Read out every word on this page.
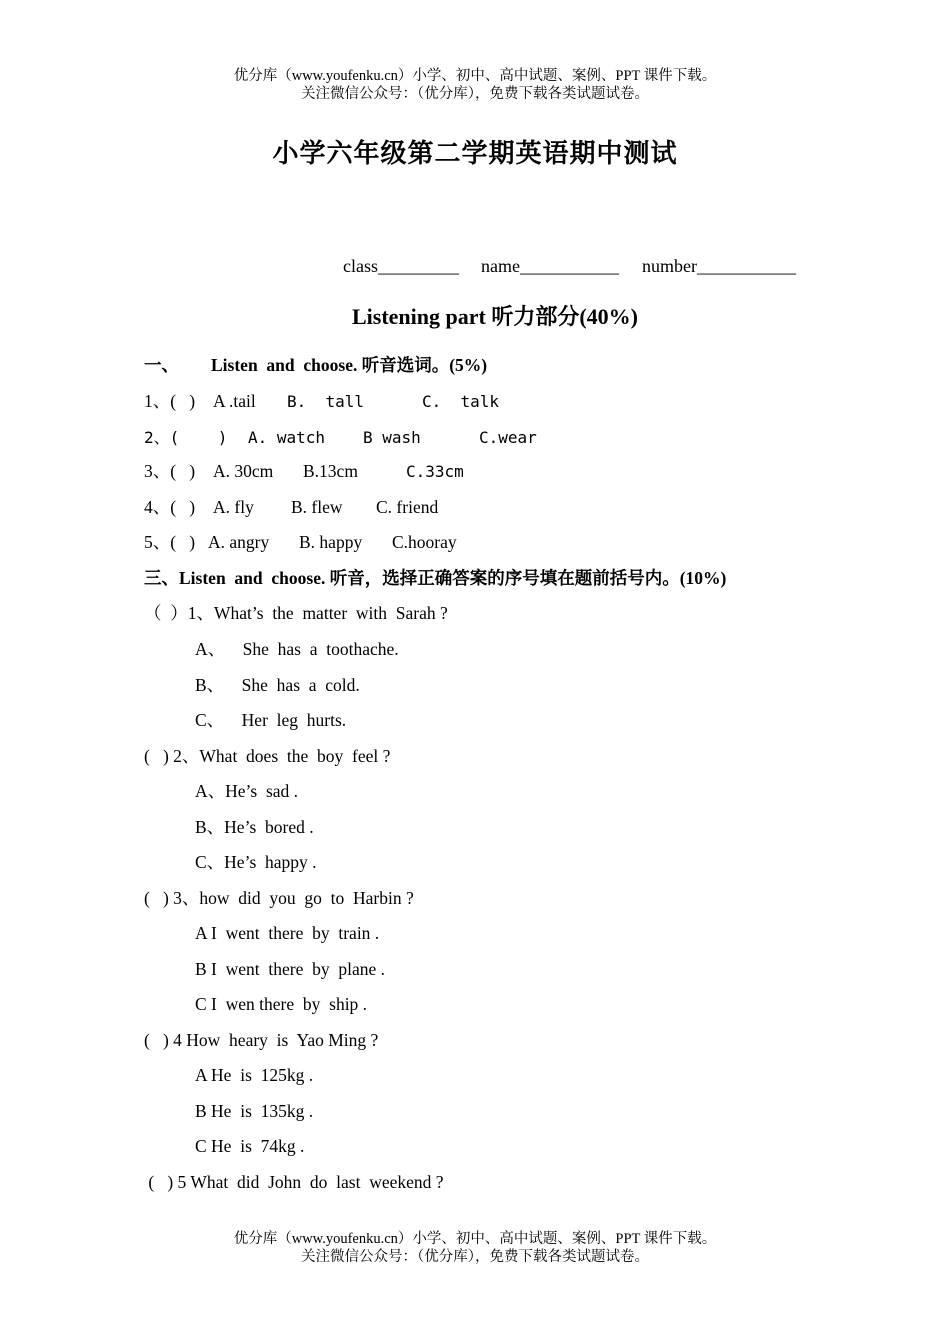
优分库（www.youfenku.cn）小学、初中、高中试题、案例、PPT 课件下载。
关注微信公众号：（优分库），免费下载各类试题试卷。
小学六年级第二学期英语期中测试
class_________ name___________ number___________
Listening part 听力部分(40%)
一、 Listen  and  choose. 听音选词。(5%)
1、(   ) A .tail B.  tall	C.  talk
2、(    ) A. watch B wash	C.wear
3、(   ) A. 30cm B.13cm	C.33cm
4、(   ) A. fly B. flew C. friend
5、(   ) A. angry B. happy C.hooray
三、Listen  and  choose. 听音，选择正确答案的序号填在题前括号内。(10%)
（  ）1、What’s  the  matter  with  Sarah ?
A、    She  has  a  toothache.
B、    She  has  a  cold.
C、    Her  leg  hurts.
(   ) 2、What  does  the  boy  feel ?
A、He’s  sad .
B、He’s  bored .
C、He’s  happy .
(   ) 3、how  did  you  go  to  Harbin ?
A I  went  there  by  train .
B I  went  there  by  plane .
C I  wen there  by  ship .
(   ) 4 How  heary  is  Yao Ming ?
A He  is  125kg .
B He  is  135kg .
C He  is  74kg .
(   ) 5 What  did  John  do  last  weekend ?
优分库（www.youfenku.cn）小学、初中、高中试题、案例、PPT 课件下载。
关注微信公众号：（优分库），免费下载各类试题试卷。
